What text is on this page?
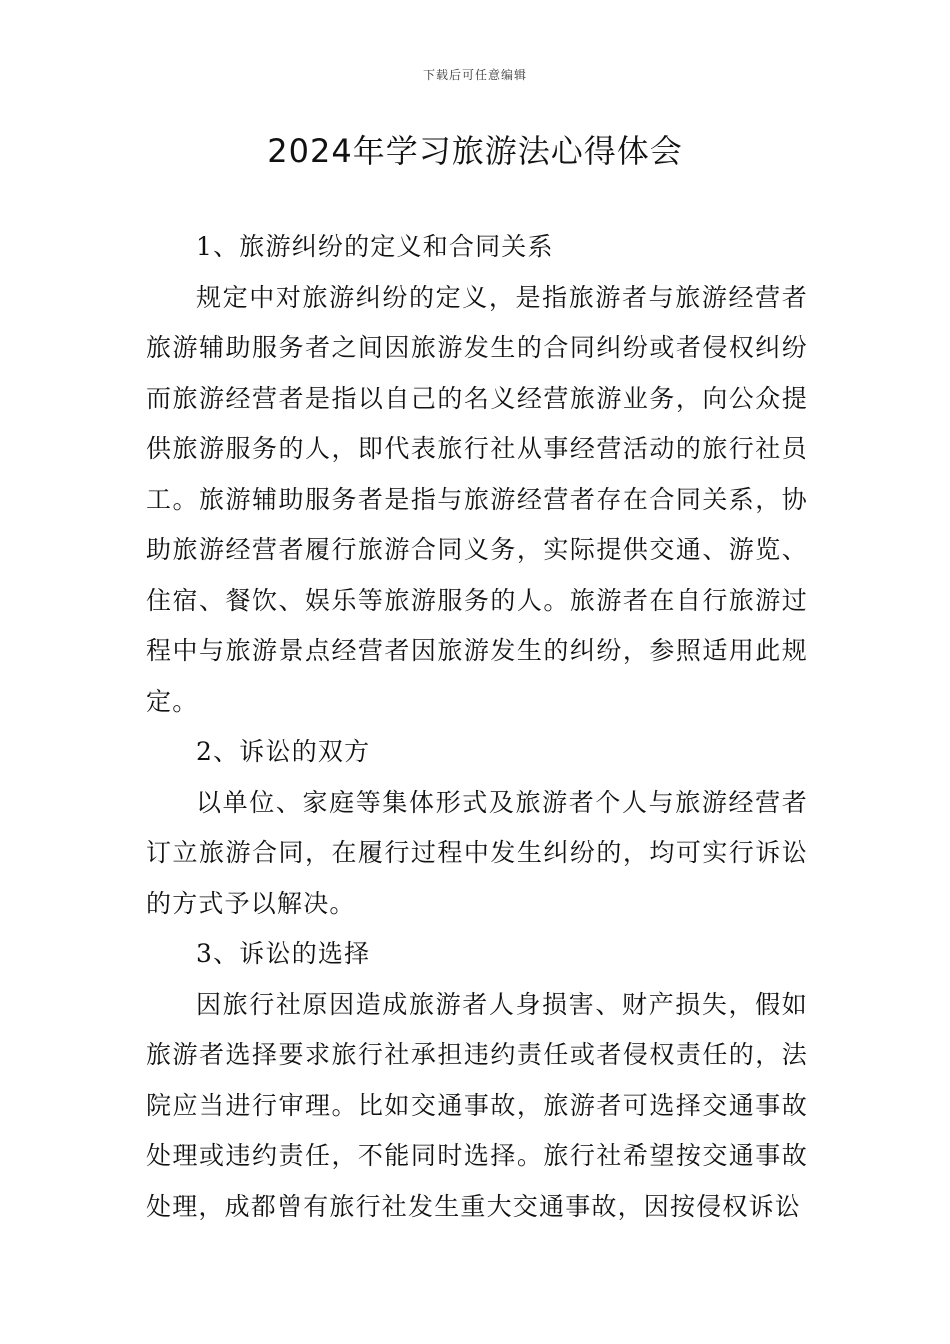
下载后可任意编辑
2024年学习旅游法心得体会

1、旅游纠纷的定义和合同关系

规定中对旅游纠纷的定义，是指旅游者与旅游经营者旅游辅助服务者之间因旅游发生的合同纠纷或者侵权纠纷而旅游经营者是指以自己的名义经营旅游业务，向公众提供旅游服务的人，即代表旅行社从事经营活动的旅行社员工。旅游辅助服务者是指与旅游经营者存在合同关系，协助旅游经营者履行旅游合同义务，实际提供交通、游览、住宿、餐饮、娱乐等旅游服务的人。旅游者在自行旅游过程中与旅游景点经营者因旅游发生的纠纷，参照适用此规定。

2、诉讼的双方

以单位、家庭等集体形式及旅游者个人与旅游经营者订立旅游合同，在履行过程中发生纠纷的，均可实行诉讼的方式予以解决。

3、诉讼的选择

因旅行社原因造成旅游者人身损害、财产损失，假如旅游者选择要求旅行社承担违约责任或者侵权责任的，法院应当进行审理。比如交通事故，旅游者可选择交通事故处理或违约责任，不能同时选择。旅行社希望按交通事故处理，成都曾有旅行社发生重大交通事故，因按侵权诉讼
